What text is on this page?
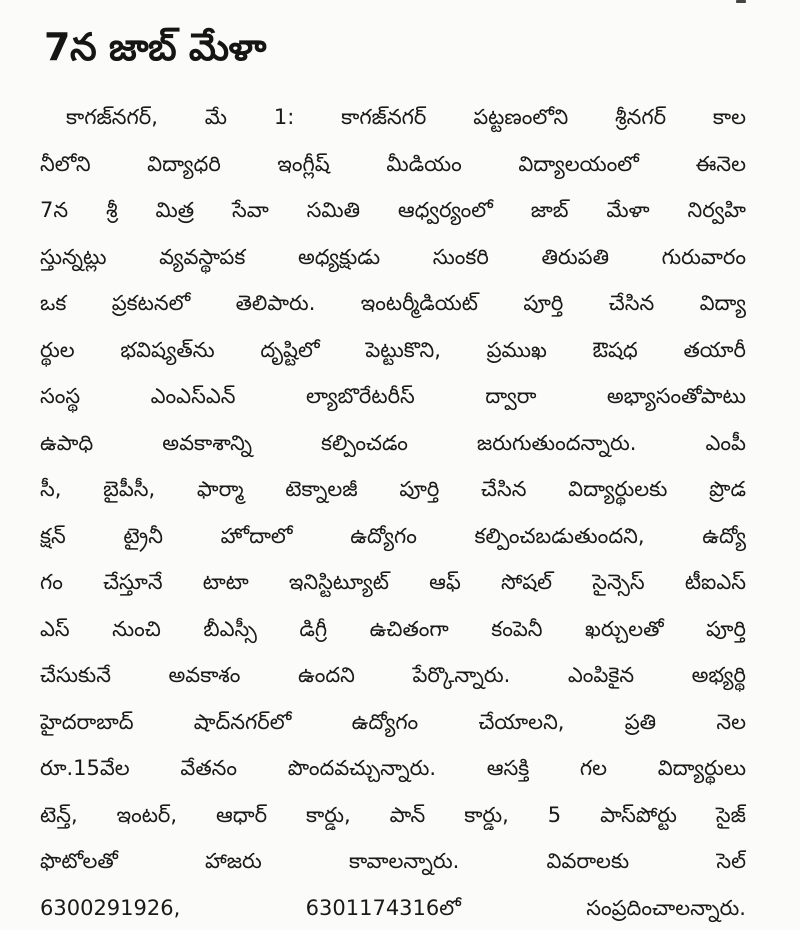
7న జాబ్ మేళా
కాగజ్‌నగర్, మే 1: కాగజ్‌నగర్ పట్టణంలోని శ్రీనగర్ కాల
నీలోని విద్యాధరి ఇంగ్లీష్ మీడియం విద్యాలయంలో ఈనెల
7న శ్రీ మిత్ర సేవా సమితి ఆధ్వర్యంలో జాబ్ మేళా నిర్వహి
స్తున్నట్లు వ్యవస్థాపక అధ్యక్షుడు సుంకరి తిరుపతి గురువారం
ఒక ప్రకటనలో తెలిపారు. ఇంటర్మీడియట్ పూర్తి చేసిన విద్యా
ర్థుల భవిష్యత్‌ను దృష్టిలో పెట్టుకొని, ప్రముఖ ఔషధ తయారీ
సంస్థ ఎంఎస్ఎన్ ల్యాబొరేటరీస్ ద్వారా అభ్యాసంతోపాటు
ఉపాధి అవకాశాన్ని కల్పించడం జరుగుతుందన్నారు. ఎంపీ
సీ, బైపీసీ, ఫార్మా టెక్నాలజీ పూర్తి చేసిన విద్యార్థులకు ప్రొడ
క్షన్ ట్రైనీ హోదాలో ఉద్యోగం కల్పించబడుతుందని, ఉద్యో
గం చేస్తూనే టాటా ఇనిస్టిట్యూట్ ఆఫ్ సోషల్ సైన్సెస్ టీఐఎస్
ఎస్ నుంచి బీఎస్సీ డిగ్రీ ఉచితంగా కంపెనీ ఖర్చులతో పూర్తి
చేసుకునే అవకాశం ఉందని పేర్కొన్నారు. ఎంపికైన అభ్యర్థి
హైదరాబాద్ షాద్‌నగర్‌లో ఉద్యోగం చేయాలని, ప్రతి నెల
రూ.15వేల వేతనం పొందవచ్చున్నారు. ఆసక్తి గల విద్యార్థులు
టెన్త్, ఇంటర్, ఆధార్ కార్డు, పాన్ కార్డు, 5 పాస్‌పోర్టు సైజ్
ఫొటోలతో హాజరు కావాలన్నారు. వివరాలకు సెల్
6300291926, 6301174316లో సంప్రదించాలన్నారు.
